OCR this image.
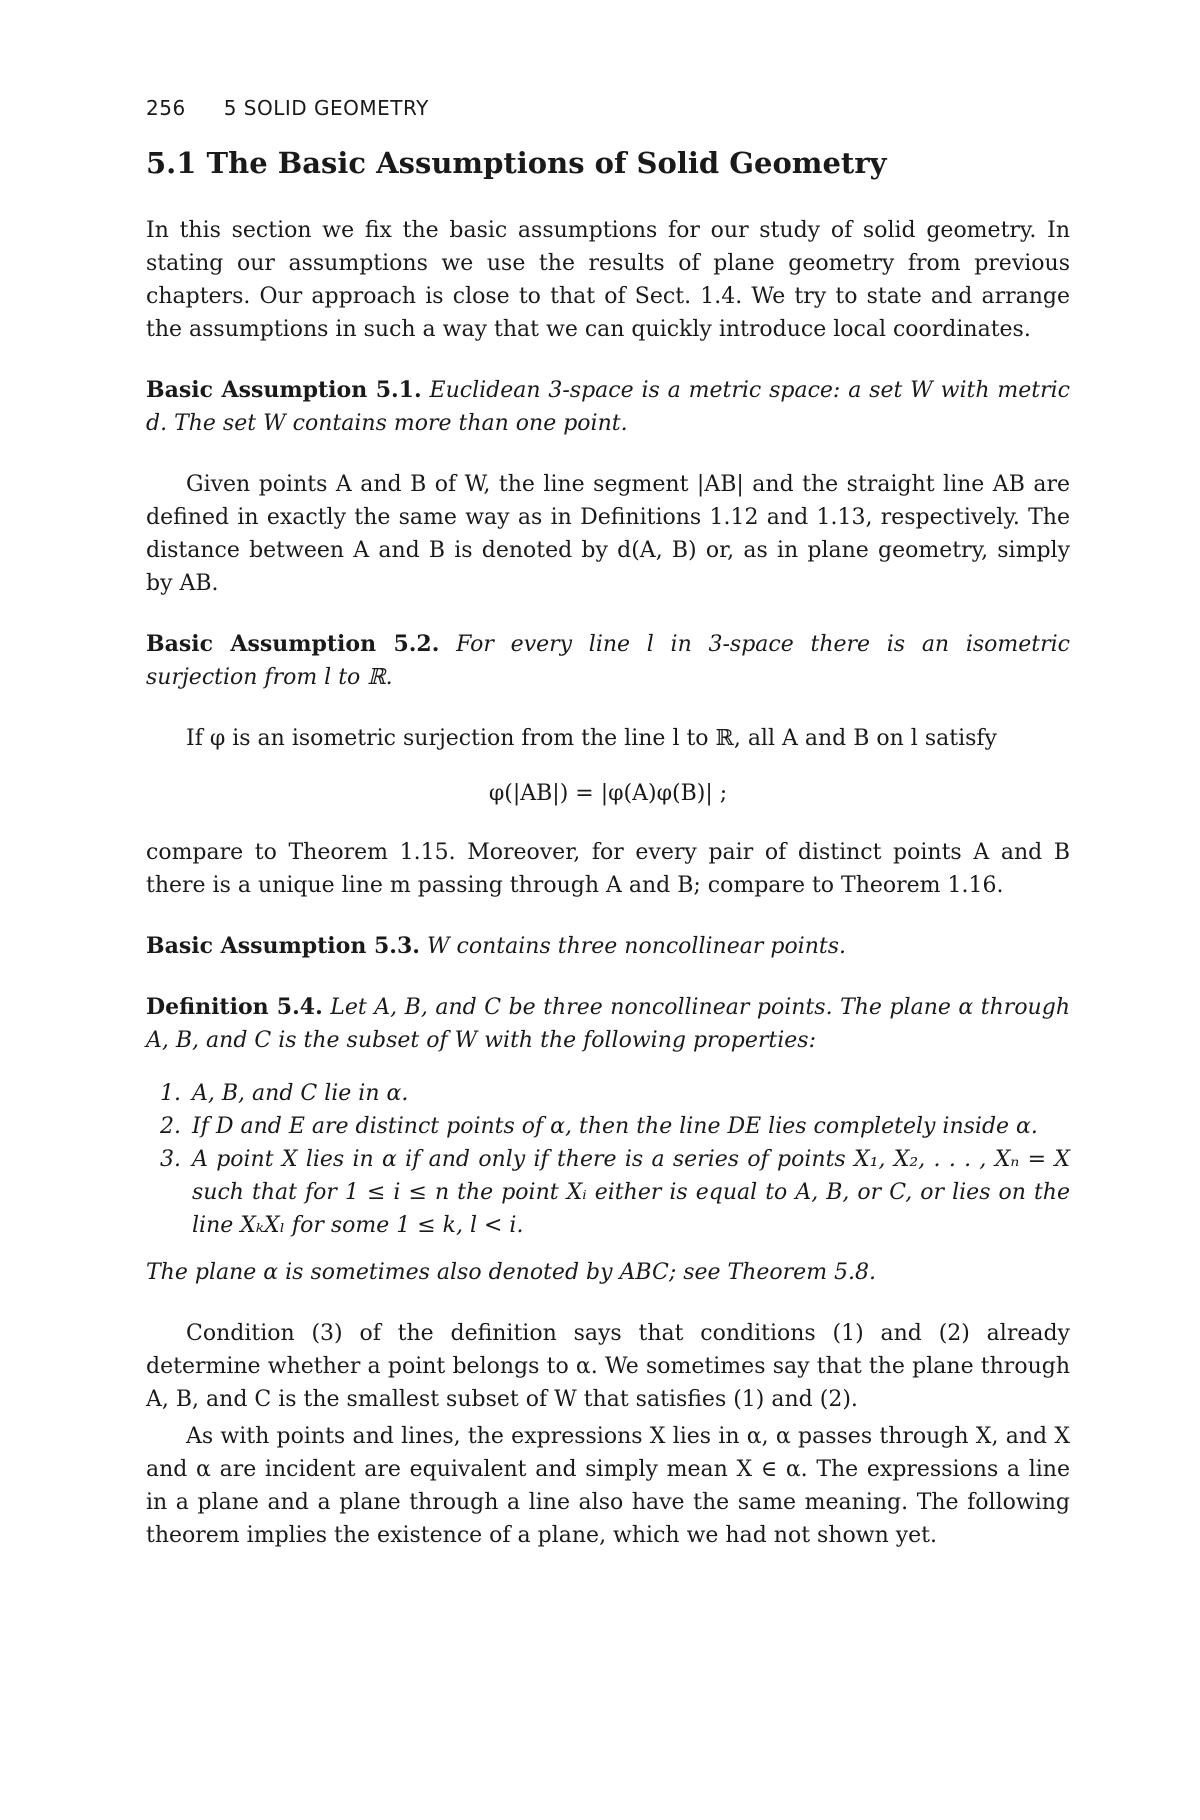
256 5 SOLID GEOMETRY
5.1 The Basic Assumptions of Solid Geometry

In this section we fix the basic assumptions for our study of solid geometry. In stating our assumptions we use the results of plane geometry from previous chapters. Our approach is close to that of Sect. 1.4. We try to state and arrange the assumptions in such a way that we can quickly introduce local coordinates.

Basic Assumption 5.1. Euclidean 3-space is a metric space: a set W with metric d. The set W contains more than one point.

Given points A and B of W, the line segment |AB| and the straight line AB are defined in exactly the same way as in Definitions 1.12 and 1.13, respectively. The distance between A and B is denoted by d(A, B) or, as in plane geometry, simply by AB.

Basic Assumption 5.2. For every line l in 3-space there is an isometric surjection from l to ℝ.

If φ is an isometric surjection from the line l to ℝ, all A and B on l satisfy

φ(|AB|) = |φ(A)φ(B)| ;

compare to Theorem 1.15. Moreover, for every pair of distinct points A and B there is a unique line m passing through A and B; compare to Theorem 1.16.

Basic Assumption 5.3. W contains three noncollinear points.

Definition 5.4. Let A, B, and C be three noncollinear points. The plane α through A, B, and C is the subset of W with the following properties:

1. A, B, and C lie in α.
2. If D and E are distinct points of α, then the line DE lies completely inside α.
3. A point X lies in α if and only if there is a series of points X₁, X₂, . . . , Xₙ = X such that for 1 ≤ i ≤ n the point Xᵢ either is equal to A, B, or C, or lies on the line XₖXₗ for some 1 ≤ k, l < i.

The plane α is sometimes also denoted by ABC; see Theorem 5.8.

Condition (3) of the definition says that conditions (1) and (2) already determine whether a point belongs to α. We sometimes say that the plane through A, B, and C is the smallest subset of W that satisfies (1) and (2).

As with points and lines, the expressions X lies in α, α passes through X, and X and α are incident are equivalent and simply mean X ∈ α. The expressions a line in a plane and a plane through a line also have the same meaning. The following theorem implies the existence of a plane, which we had not shown yet.
